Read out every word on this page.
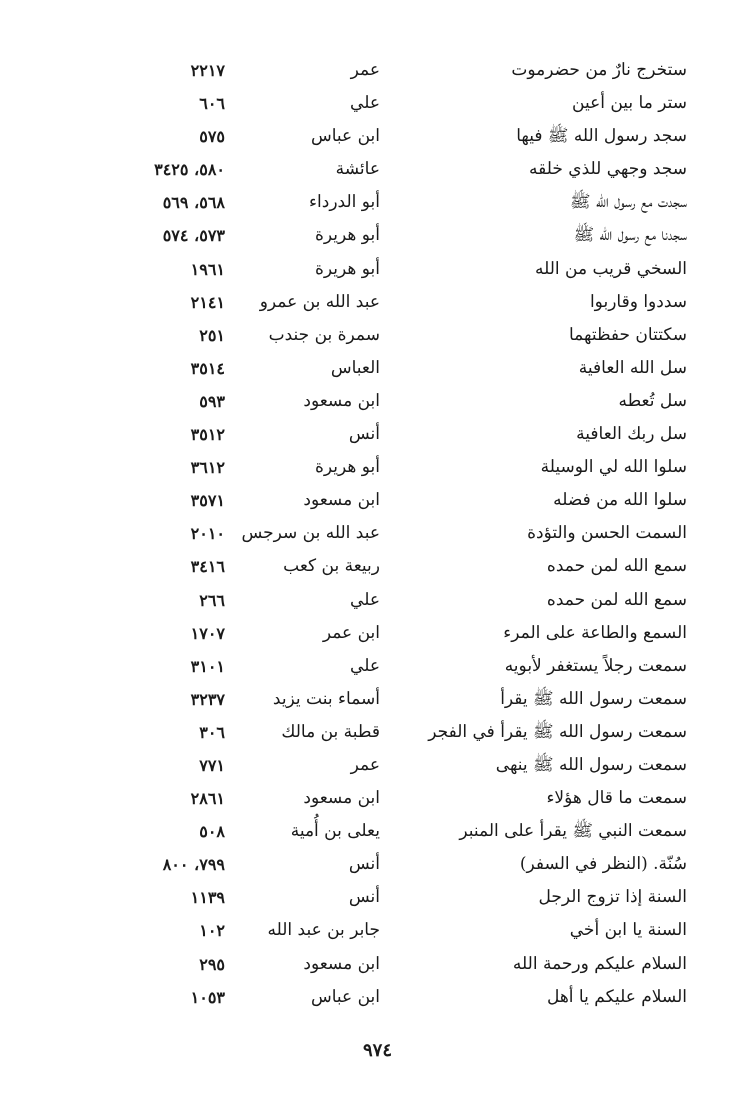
ستخرج نارٌ من حضرموت
عمر
٢٢١٧
ستر ما بين أعين
علي
٦٠٦
سجد رسول الله ﷺ فيها
ابن عباس
٥٧٥
سجد وجهي للذي خلقه
عائشة
٥٨٠، ٣٤٢٥
سجدت مع رسول الله ﷺ
أبو الدرداء
٥٦٨، ٥٦٩
سجدنا مع رسول الله ﷺ
أبو هريرة
٥٧٣، ٥٧٤
السخي قريب من الله
أبو هريرة
١٩٦١
سددوا وقاربوا
عبد الله بن عمرو
٢١٤١
سكتتان حفظتهما
سمرة بن جندب
٢٥١
سل الله العافية
العباس
٣٥١٤
سل تُعطه
ابن مسعود
٥٩٣
سل ربك العافية
أنس
٣٥١٢
سلوا الله لي الوسيلة
أبو هريرة
٣٦١٢
سلوا الله من فضله
ابن مسعود
٣٥٧١
السمت الحسن والتؤدة
عبد الله بن سرجس
٢٠١٠
سمع الله لمن حمده
ربيعة بن كعب
٣٤١٦
سمع الله لمن حمده
علي
٢٦٦
السمع والطاعة على المرء
ابن عمر
١٧٠٧
سمعت رجلاً يستغفر لأبويه
علي
٣١٠١
سمعت رسول الله ﷺ يقرأ
أسماء بنت يزيد
٣٢٣٧
سمعت رسول الله ﷺ يقرأ في الفجر
قطبة بن مالك
٣٠٦
سمعت رسول الله ﷺ ينهى
عمر
٧٧١
سمعت ما قال هؤلاء
ابن مسعود
٢٨٦١
سمعت النبي ﷺ يقرأ على المنبر
يعلى بن أُمية
٥٠٨
سُنّة. (النظر في السفر)
أنس
٧٩٩، ٨٠٠
السنة إذا تزوج الرجل
أنس
١١٣٩
السنة يا ابن أخي
جابر بن عبد الله
١٠٢
السلام عليكم ورحمة الله
ابن مسعود
٢٩٥
السلام عليكم يا أهل
ابن عباس
١٠٥٣
٩٧٤
